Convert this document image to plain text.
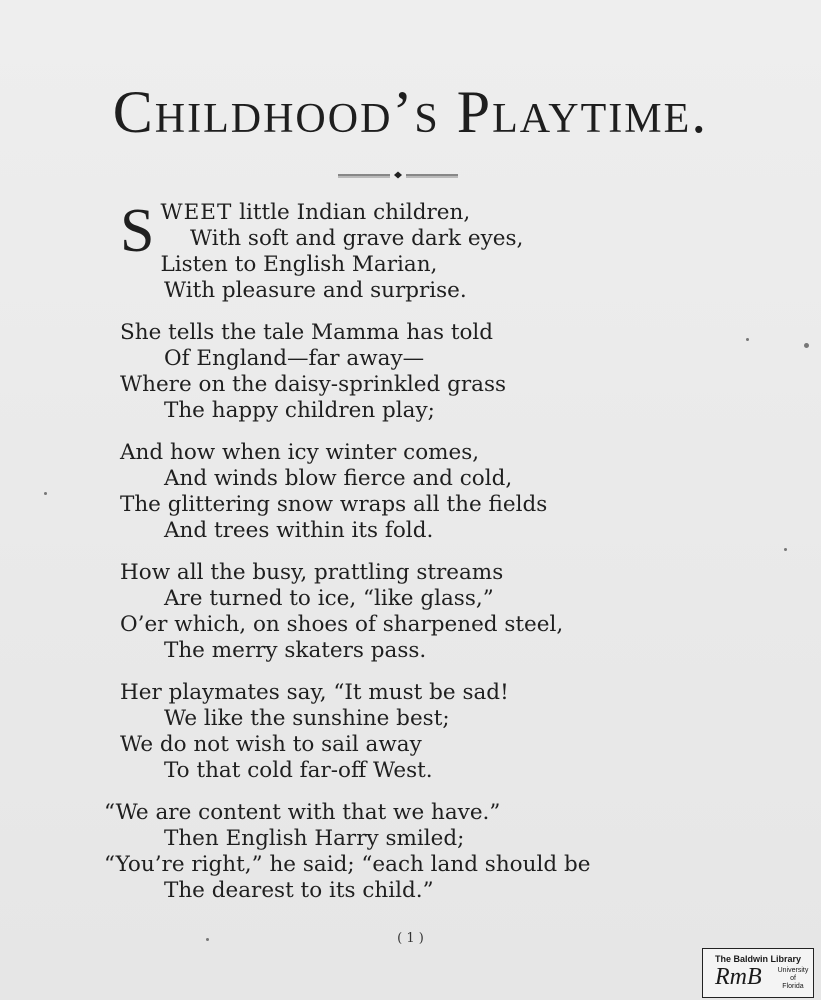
Childhood’s Playtime.
S WEET little Indian children,
With soft and grave dark eyes,
Listen to English Marian,
With pleasure and surprise.
She tells the tale Mamma has told
Of England—far away—
Where on the daisy-sprinkled grass
The happy children play;
And how when icy winter comes,
And winds blow fierce and cold,
The glittering snow wraps all the fields
And trees within its fold.
How all the busy, prattling streams
Are turned to ice, “like glass,”
O’er which, on shoes of sharpened steel,
The merry skaters pass.
Her playmates say, “It must be sad!
We like the sunshine best;
We do not wish to sail away
To that cold far-off West.
“We are content with that we have.”
Then English Harry smiled;
“You’re right,” he said; “each land should be
The dearest to its child.”
( 1 )
The Baldwin Library
RmB	University
of
Florida
